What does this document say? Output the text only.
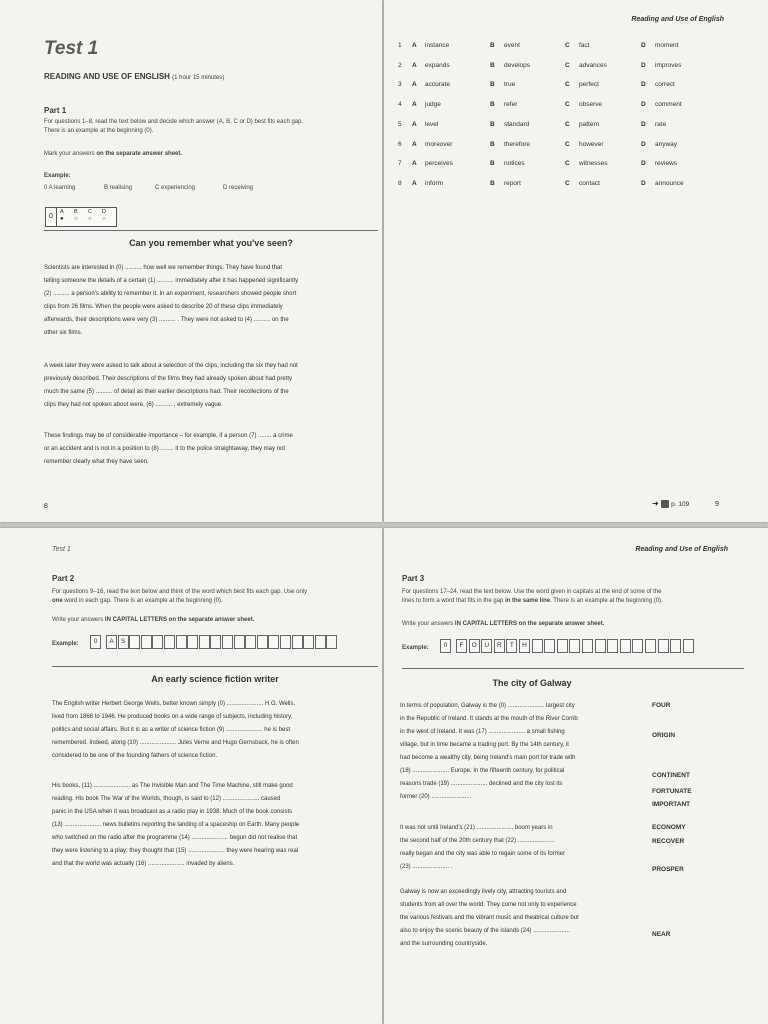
Test 1
READING AND USE OF ENGLISH (1 hour 15 minutes)
Part 1
For questions 1–8, read the text below and decide which answer (A, B, C or D) best fits each gap.
There is an example at the beginning (0).
Mark your answers on the separate answer sheet.
Example:
0 A learning	B realising	C experiencing	D receiving
0
A B C D
● ○ ○ ○
Can you remember what you've seen?
Scientists are interested in (0) .......... how well we remember things. They have found that
telling someone the details of a certain (1) .......... immediately after it has happened significantly
(2) .......... a person's ability to remember it. In an experiment, researchers showed people short
clips from 26 films. When the people were asked to describe 20 of these clips immediately
afterwards, their descriptions were very (3) .......... . They were not asked to (4) .......... on the
other six films.
A week later they were asked to talk about a selection of the clips, including the six they had not
previously described. Their descriptions of the films they had already spoken about had pretty
much the same (5) .......... of detail as their earlier descriptions had. Their recollections of the
clips they had not spoken about were, (6) .......... , extremely vague.
These findings may be of considerable importance – for example, if a person (7) ........ a crime
or an accident and is not in a position to (8) ........ it to the police straightaway, they may not
remember clearly what they have seen.
8
Reading and Use of English
1 A instance	B event	C fact	D moment
2 A expands	B develops	C advances	D improves
3 A accurate	B true	C perfect	D correct
4 A judge	B refer	C observe	D comment
5 A level	B standard	C pattern	D rate
6 A moreover	B therefore	C however	D anyway
7 A perceives	B notices	C witnesses	D reviews
8 A inform	B report	C contact	D announce
➜ p. 109	9
Test 1
Part 2
For questions 9–16, read the text below and think of the word which best fits each gap. Use only
one word in each gap. There is an example at the beginning (0).
Write your answers IN CAPITAL LETTERS on the separate answer sheet.
Example:	0	A	S
An early science fiction writer
The English writer Herbert George Wells, better known simply (0) ...................... H.G. Wells,
lived from 1866 to 1946. He produced books on a wide range of subjects, including history,
politics and social affairs. But it is as a writer of science fiction (9) ...................... he is best
remembered. Indeed, along (10) ...................... Jules Verne and Hugo Gernsback, he is often
considered to be one of the founding fathers of science fiction.
His books, (11) ...................... as The Invisible Man and The Time Machine, still make good
reading. His book The War of the Worlds, though, is said to (12) ...................... caused
panic in the USA when it was broadcast as a radio play in 1938. Much of the book consists
(13) ...................... news bulletins reporting the landing of a spaceship on Earth. Many people
who switched on the radio after the programme (14) ...................... begun did not realise that
they were listening to a play; they thought that (15) ...................... they were hearing was real
and that the world was actually (16) ...................... invaded by aliens.
Reading and Use of English
Part 3
For questions 17–24, read the text below. Use the word given in capitals at the end of some of the
lines to form a word that fits in the gap in the same line. There is an example at the beginning (0).
Write your answers IN CAPITAL LETTERS on the separate answer sheet.
Example:	0	F	O	U	R	T	H
The city of Galway
In terms of population, Galway is the (0) ...................... largest city
in the Republic of Ireland. It stands at the mouth of the River Corrib
in the west of Ireland. It was (17) ...................... a small fishing
village, but in time became a trading port. By the 14th century, it
had become a wealthy city, being Ireland's main port for trade with
(18) ...................... Europe. In the fifteenth century, for political
reasons trade (19) ...................... declined and the city lost its
former (20) ...................... .
It was not until Ireland's (21) ...................... boom years in
the second half of the 20th century that (22) ......................
really began and the city was able to regain some of its former
(23) ...................... .
Galway is now an exceedingly lively city, attracting tourists and
students from all over the world. They come not only to experience
the various festivals and the vibrant music and theatrical culture but
also to enjoy the scenic beauty of the islands (24) ......................
and the surrounding countryside.
FOUR
ORIGIN
CONTINENT
FORTUNATE
IMPORTANT
ECONOMY
RECOVER
PROSPER
NEAR
